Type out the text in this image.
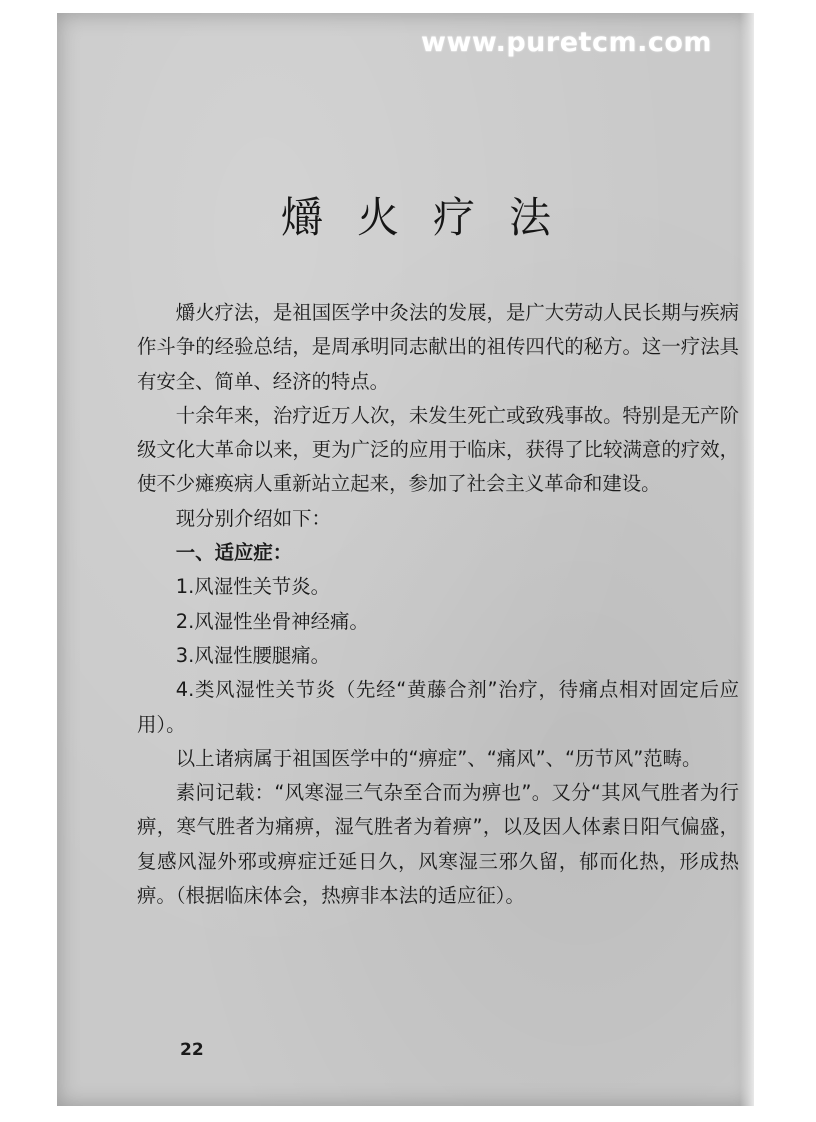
www.puretcm.com
爝火疗法

爝火疗法，是祖国医学中灸法的发展，是广大劳动人民长期与疾病作斗争的经验总结，是周承明同志献出的祖传四代的秘方。这一疗法具有安全、简单、经济的特点。

十余年来，治疗近万人次，未发生死亡或致残事故。特别是无产阶级文化大革命以来，更为广泛的应用于临床，获得了比较满意的疗效，使不少瘫痪病人重新站立起来，参加了社会主义革命和建设。

现分别介绍如下：

一、适应症：

1.风湿性关节炎。

2.风湿性坐骨神经痛。

3.风湿性腰腿痛。

4.类风湿性关节炎（先经“黄藤合剂”治疗，待痛点相对固定后应用）。

以上诸病属于祖国医学中的“痹症”、“痛风”、“历节风”范畴。

素问记载：“风寒湿三气杂至合而为痹也”。又分“其风气胜者为行痹，寒气胜者为痛痹，湿气胜者为着痹”，以及因人体素日阳气偏盛，复感风湿外邪或痹症迁延日久，风寒湿三邪久留，郁而化热，形成热痹。（根据临床体会，热痹非本法的适应征）。

22
